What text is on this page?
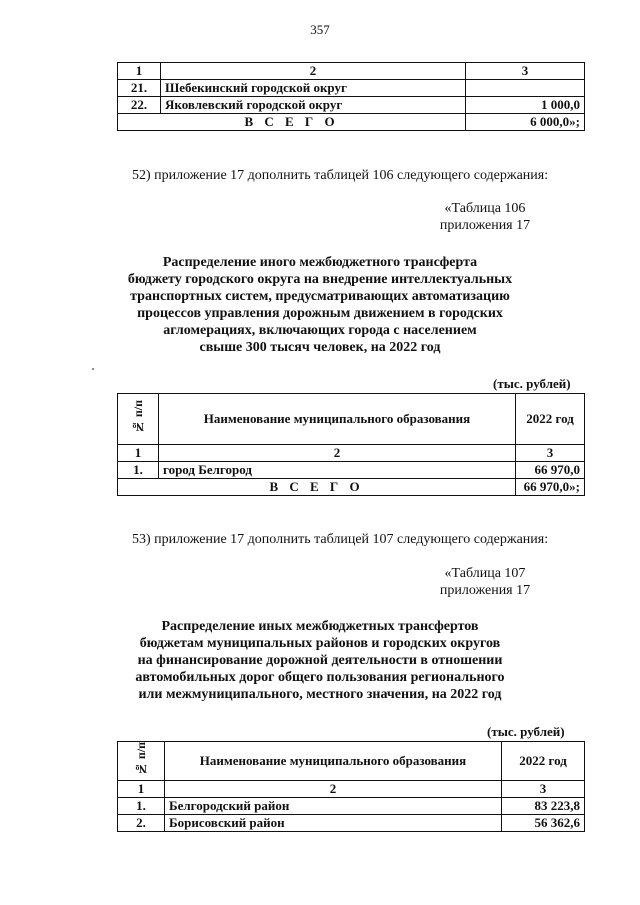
357
1	2	3
21.	Шебекинский городской округ	
22.	Яковлевский городской округ	1 000,0
В С Е Г О		6 000,0»;
52) приложение 17 дополнить таблицей 106 следующего содержания:
«Таблица 106
приложения 17
Распределение иного межбюджетного трансферта
бюджету городского округа на внедрение интеллектуальных
транспортных систем, предусматривающих автоматизацию
процессов управления дорожным движением в городских
агломерациях, включающих города с населением
свыше 300 тысяч человек, на 2022 год
(тыс. рублей)
№ п/п	Наименование муниципального образования	2022 год
1	2	3
1.	город Белгород	66 970,0
В С Е Г О		66 970,0»;
53) приложение 17 дополнить таблицей 107 следующего содержания:
«Таблица 107
приложения 17
Распределение иных межбюджетных трансфертов
бюджетам муниципальных районов и городских округов
на финансирование дорожной деятельности в отношении
автомобильных дорог общего пользования регионального
или межмуниципального, местного значения, на 2022 год
(тыс. рублей)
№ п/п	Наименование муниципального образования	2022 год
1	2	3
1.	Белгородский район	83 223,8
2.	Борисовский район	56 362,6
